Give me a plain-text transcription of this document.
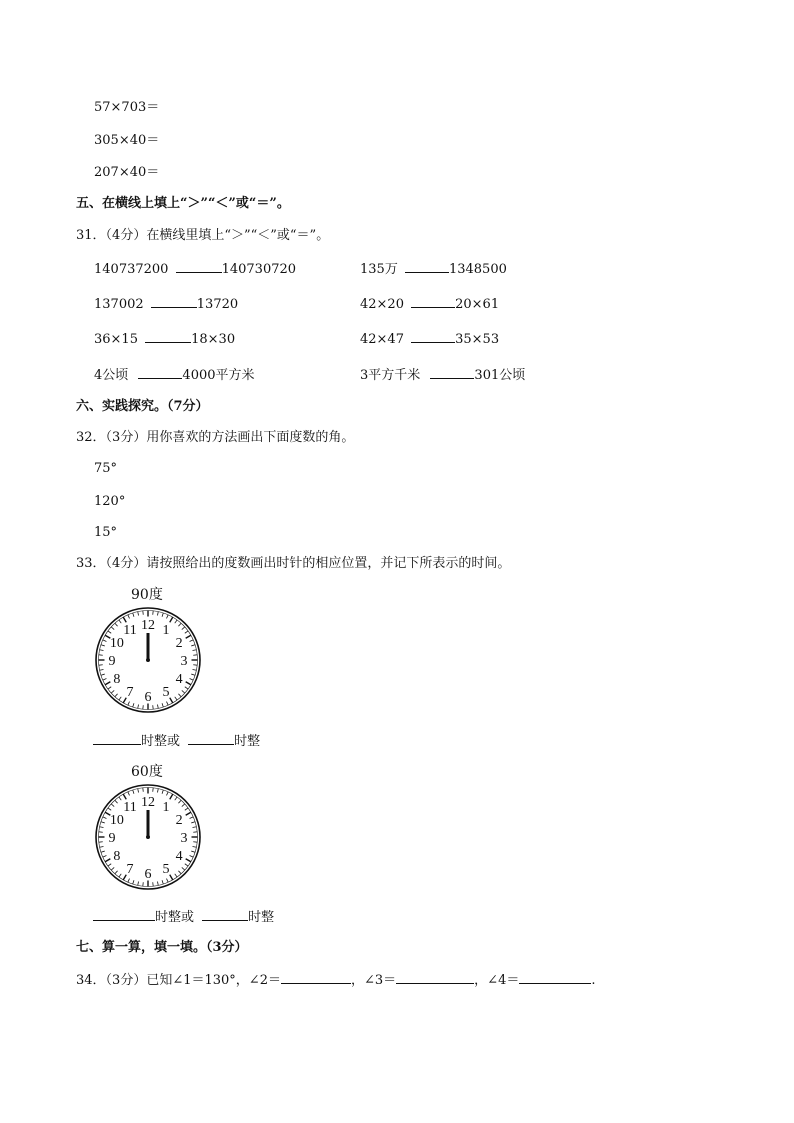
57×703＝
305×40＝
207×40＝
五、在横线上填上“＞”“＜”或“＝”。
31．（4分）在横线里填上“＞”“＜”或“＝”。
140737200	140730720	135万	1348500
137002	13720	42×20	20×61
36×15	18×30	42×47	35×53
4公顷	4000平方米	3平方千米	301公顷
六、实践探究。（7分）
32．（3分）用你喜欢的方法画出下面度数的角。
75°
120°
15°
33．（4分）请按照给出的度数画出时针的相应位置，并记下所表示的时间。
90度
12 1
2
3
4
5
6
7
8
9
10
11
时整或	时整
60度
12 1
2
3
4
5
6
7
8
9
10
11
时整或	时整
七、算一算，填一填。（3分）
34．（3分）已知∠1＝130°，∠2＝	，∠3＝	，∠4＝	.
